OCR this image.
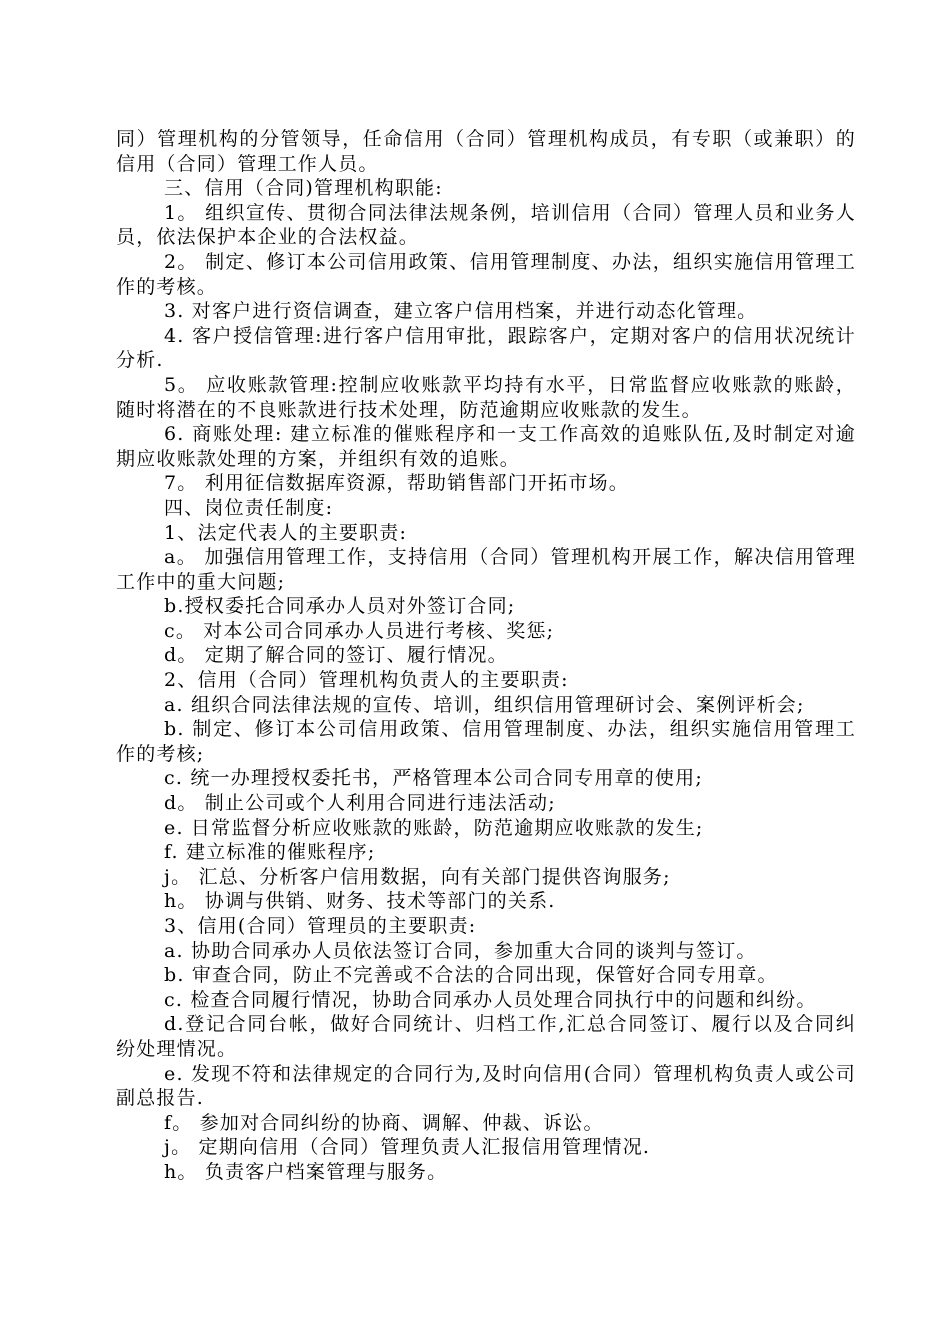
同）管理机构的分管领导，任命信用（合同）管理机构成员，有专职（或兼职）的信用（合同）管理工作人员。

三、信用（合同)管理机构职能:

1。 组织宣传、贯彻合同法律法规条例，培训信用（合同）管理人员和业务人员，依法保护本企业的合法权益。

2。 制定、修订本公司信用政策、信用管理制度、办法，组织实施信用管理工作的考核。

3. 对客户进行资信调查，建立客户信用档案，并进行动态化管理。

4. 客户授信管理:进行客户信用审批，跟踪客户，定期对客户的信用状况统计分析.

5。 应收账款管理:控制应收账款平均持有水平，日常监督应收账款的账龄，随时将潜在的不良账款进行技术处理，防范逾期应收账款的发生。

6. 商账处理: 建立标准的催账程序和一支工作高效的追账队伍,及时制定对逾期应收账款处理的方案，并组织有效的追账。

7。 利用征信数据库资源，帮助销售部门开拓市场。

四、岗位责任制度:

1、法定代表人的主要职责:

a。 加强信用管理工作，支持信用（合同）管理机构开展工作，解决信用管理工作中的重大问题;

b.授权委托合同承办人员对外签订合同;

c。 对本公司合同承办人员进行考核、奖惩;

d。 定期了解合同的签订、履行情况。

2、信用（合同）管理机构负责人的主要职责:

a. 组织合同法律法规的宣传、培训，组织信用管理研讨会、案例评析会;

b. 制定、修订本公司信用政策、信用管理制度、办法，组织实施信用管理工作的考核;

c. 统一办理授权委托书，严格管理本公司合同专用章的使用;

d。 制止公司或个人利用合同进行违法活动;

e. 日常监督分析应收账款的账龄，防范逾期应收账款的发生;

f. 建立标准的催账程序;

j。 汇总、分析客户信用数据，向有关部门提供咨询服务;

h。 协调与供销、财务、技术等部门的关系.

3、信用(合同）管理员的主要职责:

a. 协助合同承办人员依法签订合同，参加重大合同的谈判与签订。

b. 审查合同，防止不完善或不合法的合同出现，保管好合同专用章。

c. 检查合同履行情况，协助合同承办人员处理合同执行中的问题和纠纷。

d.登记合同台帐，做好合同统计、归档工作,汇总合同签订、履行以及合同纠纷处理情况。

e. 发现不符和法律规定的合同行为,及时向信用(合同）管理机构负责人或公司副总报告.

f。 参加对合同纠纷的协商、调解、仲裁、诉讼。

j。 定期向信用（合同）管理负责人汇报信用管理情况.

h。 负责客户档案管理与服务。
